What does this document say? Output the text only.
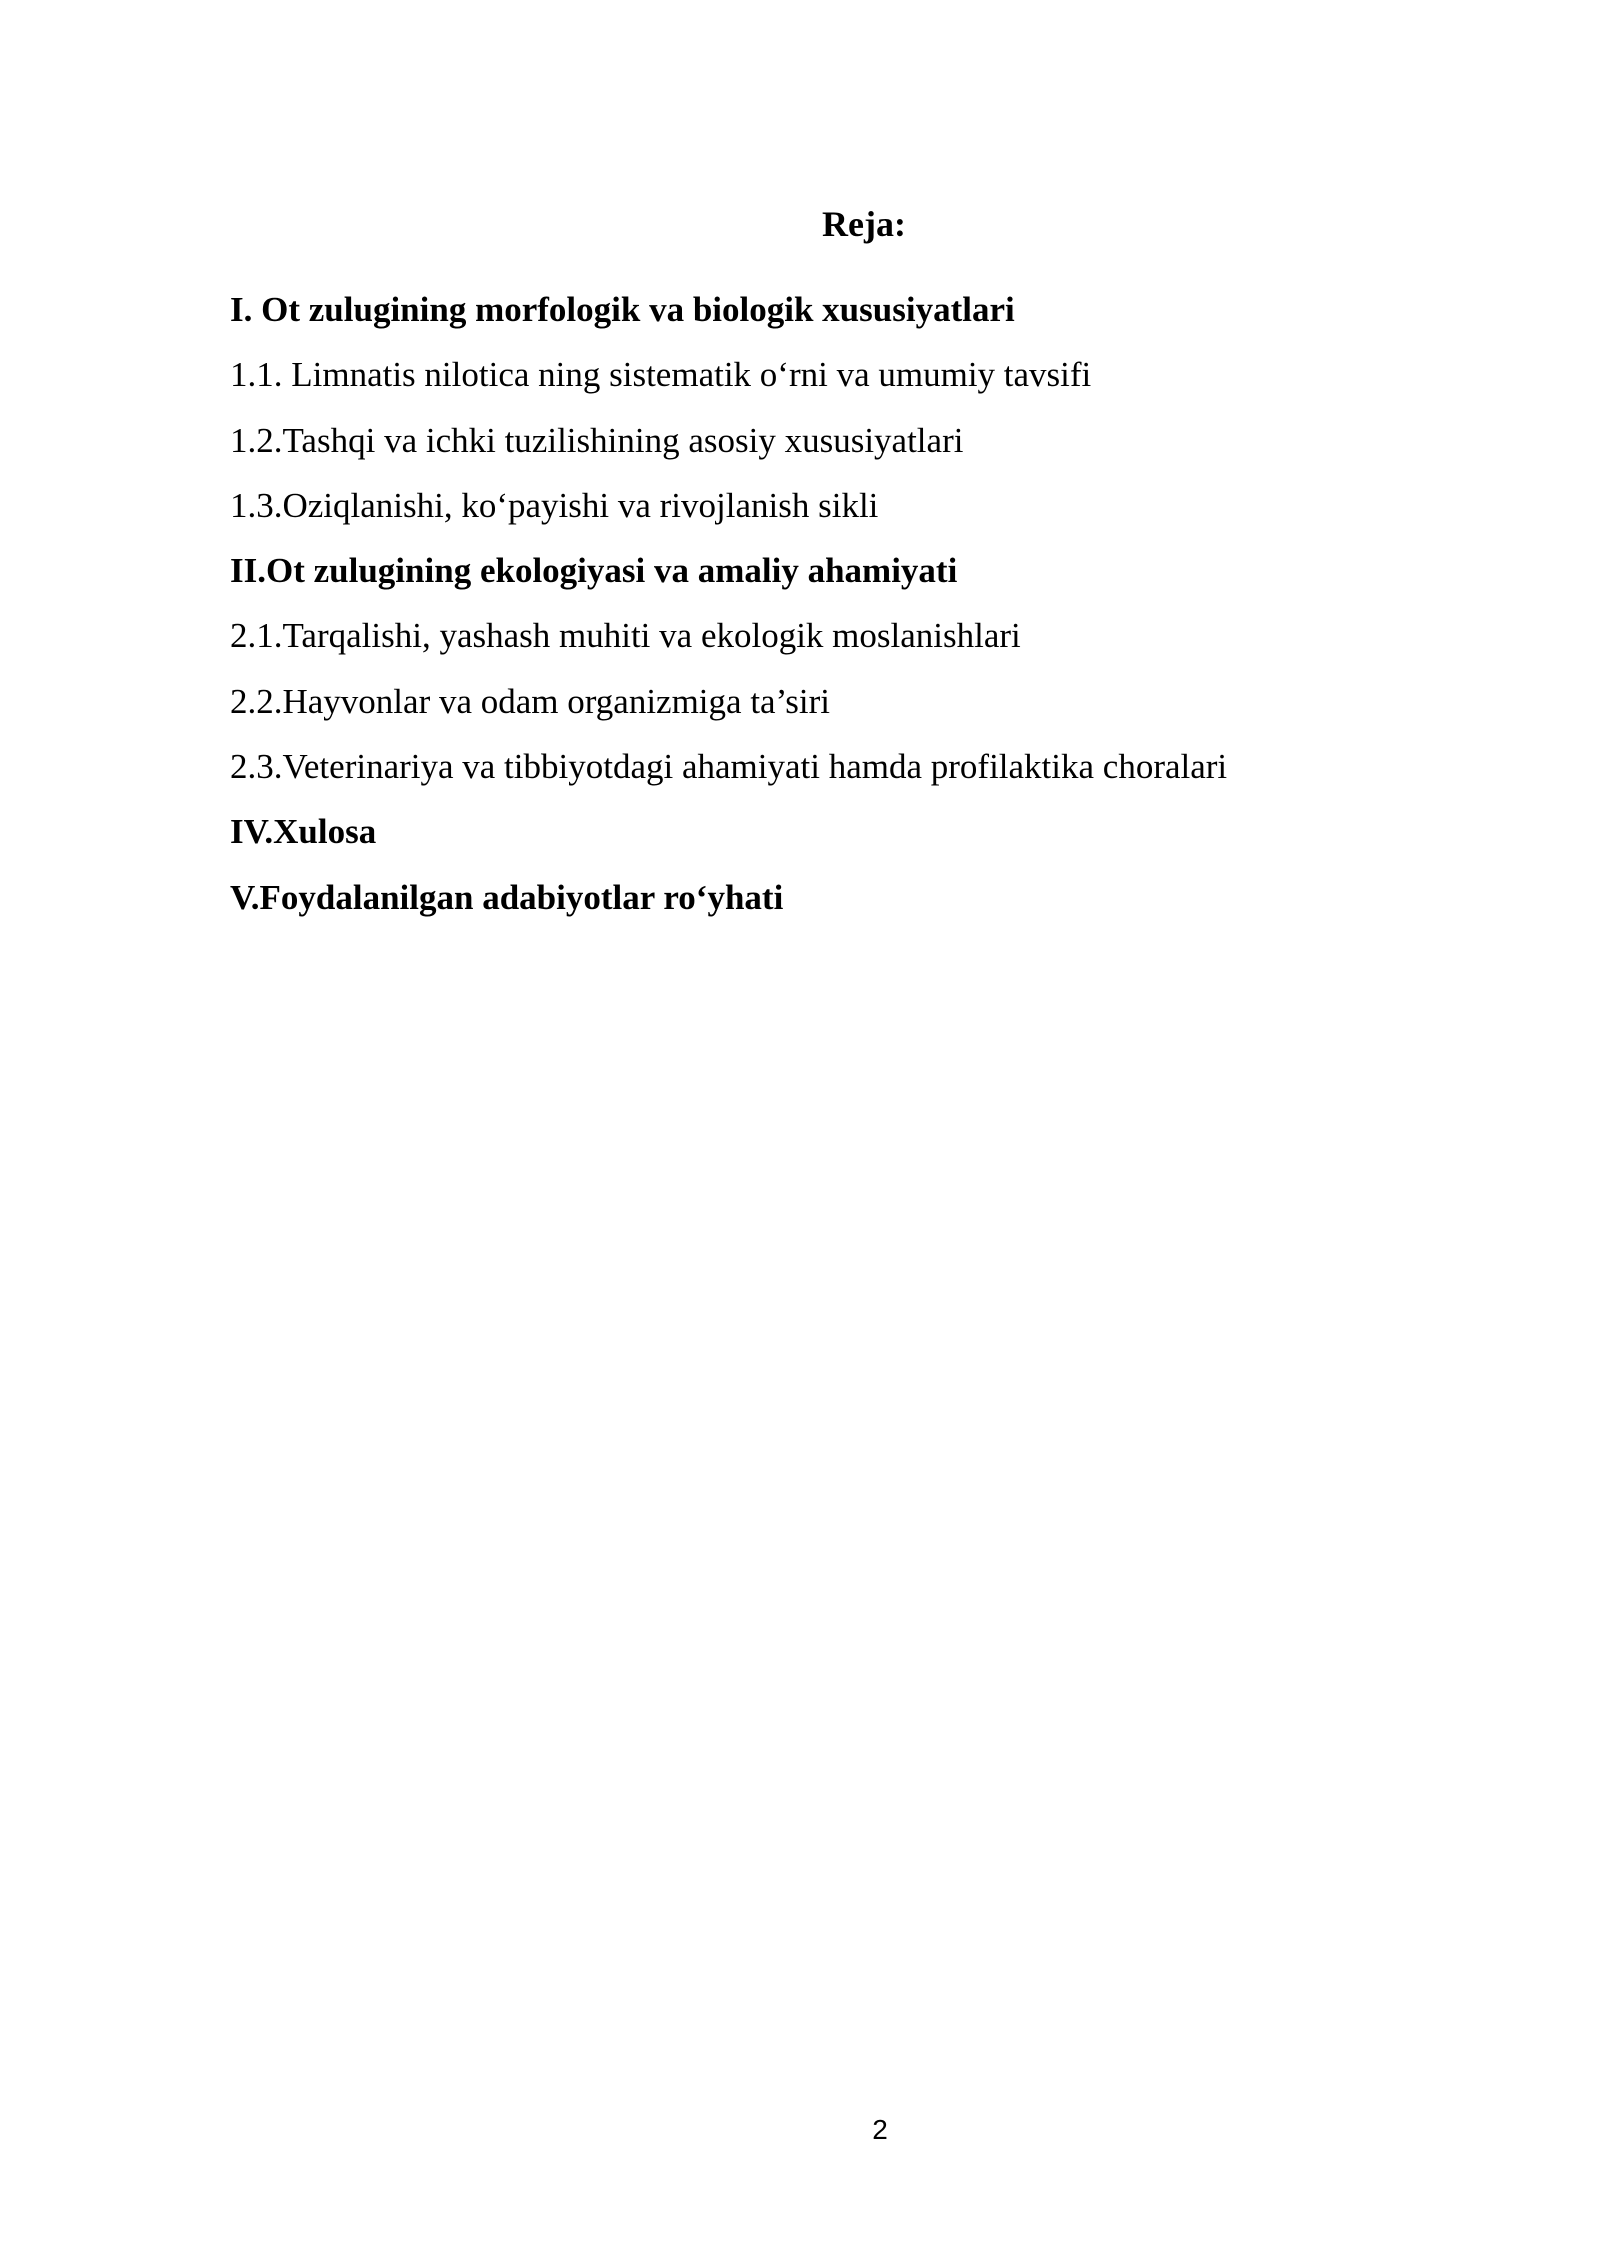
Reja:
I. Ot zulugining morfologik va biologik xususiyatlari
1.1. Limnatis nilotica ning sistematik o‘rni va umumiy tavsifi
1.2.Tashqi va ichki tuzilishining asosiy xususiyatlari
1.3.Oziqlanishi, ko‘payishi va rivojlanish sikli
II.Ot zulugining ekologiyasi va amaliy ahamiyati
2.1.Tarqalishi, yashash muhiti va ekologik moslanishlari
2.2.Hayvonlar va odam organizmiga ta’siri
2.3.Veterinariya va tibbiyotdagi ahamiyati hamda profilaktika choralari
IV.Xulosa
V.Foydalanilgan adabiyotlar ro‘yhati
2
